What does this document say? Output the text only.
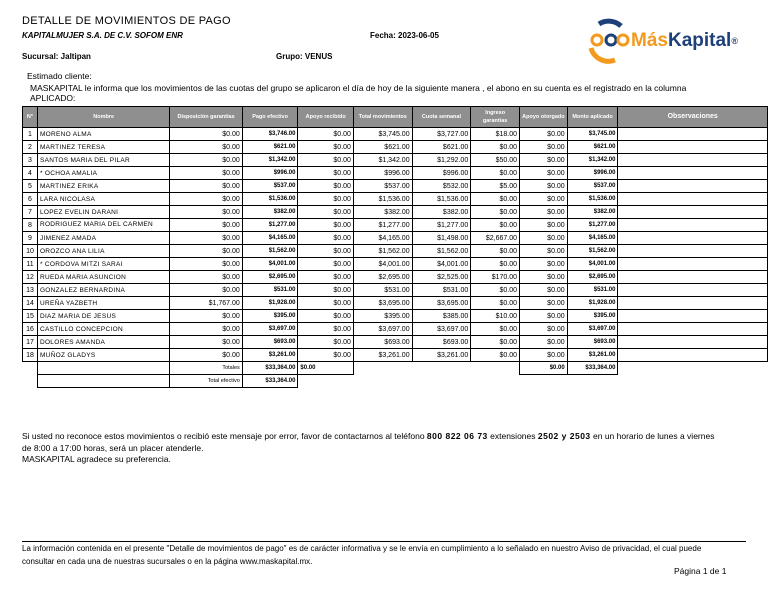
DETALLE DE MOVIMIENTOS DE PAGO
KAPITALMUJER S.A. DE C.V. SOFOM ENR	Fecha: 2023-06-05
Sucursal: Jaltipan	Grupo: VENUS
MásKapital®
Estimado cliente:
MASKAPITAL le informa que los movimientos de las cuotas del grupo se aplicaron el día de hoy de la siguiente manera , el abono en su cuenta es el registrado en la columna APLICADO:
N°	Nombre	Disposición garantías	Pago efectivo	Apoyo recibido	Total movimientos	Cuota semanal	Ingreso garantías	Apoyo otorgado	Monto aplicado	Observaciones
1	MORENO ALMA	$0.00	$3,746.00	$0.00	$3,745.00	$3,727.00	$18.00	$0.00	$3,745.00	
2	MARTINEZ TERESA	$0.00	$621.00	$0.00	$621.00	$621.00	$0.00	$0.00	$621.00	
3	SANTOS MARIA DEL PILAR	$0.00	$1,342.00	$0.00	$1,342.00	$1,292.00	$50.00	$0.00	$1,342.00	
4	* OCHOA AMALIA	$0.00	$996.00	$0.00	$996.00	$996.00	$0.00	$0.00	$996.00	
5	MARTINEZ ERIKA	$0.00	$537.00	$0.00	$537.00	$532.00	$5.00	$0.00	$537.00	
6	LARA NICOLASA	$0.00	$1,536.00	$0.00	$1,536.00	$1,536.00	$0.00	$0.00	$1,536.00	
7	LOPEZ EVELIN DARANI	$0.00	$382.00	$0.00	$382.00	$382.00	$0.00	$0.00	$382.00	
8	RODRIGUEZ MARIA DEL CARMEN	$0.00	$1,277.00	$0.00	$1,277.00	$1,277.00	$0.00	$0.00	$1,277.00	
9	JIMENEZ AMADA	$0.00	$4,165.00	$0.00	$4,165.00	$1,498.00	$2,667.00	$0.00	$4,165.00	
10	OROZCO ANA LILIA	$0.00	$1,562.00	$0.00	$1,562.00	$1,562.00	$0.00	$0.00	$1,562.00	
11	* CORDOVA MITZI SARAI	$0.00	$4,001.00	$0.00	$4,001.00	$4,001.00	$0.00	$0.00	$4,001.00	
12	RUEDA MARIA ASUNCION	$0.00	$2,695.00	$0.00	$2,695.00	$2,525.00	$170.00	$0.00	$2,695.00	
13	GONZALEZ BERNARDINA	$0.00	$531.00	$0.00	$531.00	$531.00	$0.00	$0.00	$531.00	
14	UREÑA YAZBETH	$1,767.00	$1,928.00	$0.00	$3,695.00	$3,695.00	$0.00	$0.00	$1,928.00	
15	DIAZ MARIA DE JESUS	$0.00	$395.00	$0.00	$395.00	$385.00	$10.00	$0.00	$395.00	
16	CASTILLO CONCEPCION	$0.00	$3,697.00	$0.00	$3,697.00	$3,697.00	$0.00	$0.00	$3,697.00	
17	DOLORES AMANDA	$0.00	$693.00	$0.00	$693.00	$693.00	$0.00	$0.00	$693.00	
18	MUÑOZ GLADYS	$0.00	$3,261.00	$0.00	$3,261.00	$3,261.00	$0.00	$0.00	$3,261.00	
		Totales	$33,364.00	$0.00				$0.00	$33,364.00	
		Total efectivo	$33,364.00							
Si usted no reconoce estos movimientos o recibió este mensaje por error, favor de contactarnos al teléfono 800 822 06 73 extensiones 2502 y 2503 en un horario de lunes a viernes de 8:00 a 17:00 horas, será un placer atenderle.
MASKAPITAL agradece su preferencia.
La información contenida en el presente "Detalle de movimientos de pago" es de carácter informativa y se le envía en cumplimiento a lo señalado en nuestro Aviso de privacidad, el cual puede consultar en cada una de nuestras sucursales o en la página www.maskapital.mx.
Página 1 de 1
